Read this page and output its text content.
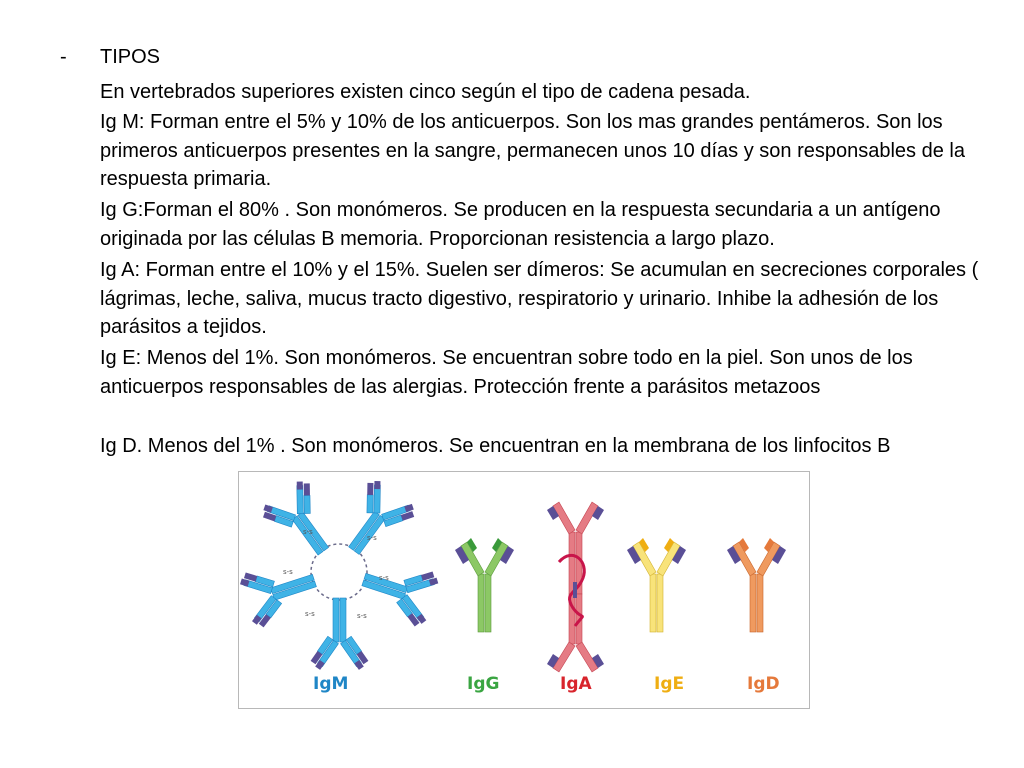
- TIPOS

En vertebrados superiores existen cinco según el tipo de cadena pesada.

Ig M: Forman entre el 5% y 10% de los anticuerpos. Son los mas grandes pentámeros. Son los primeros anticuerpos presentes en la sangre, permanecen unos 10 días y son responsables de la respuesta primaria.

Ig G:Forman el 80% . Son monómeros. Se producen en la respuesta secundaria a un antígeno originada por las células B memoria. Proporcionan resistencia a largo plazo.

Ig A: Forman entre el 10% y el 15%. Suelen ser dímeros: Se acumulan en secreciones corporales ( lágrimas, leche, saliva, mucus tracto digestivo, respiratorio y urinario. Inhibe la adhesión de los parásitos a tejidos.

Ig E: Menos del 1%. Son monómeros. Se encuentran sobre todo en la piel. Son unos de los anticuerpos responsables de las alergias. Protección frente a parásitos metazoos

Ig D. Menos del 1% . Son monómeros. Se encuentran en la membrana de los linfocitos B

s-s
s-s
s-s
s-s
s-s	s-s
IgM	IgG	IgA	IgE	IgD
